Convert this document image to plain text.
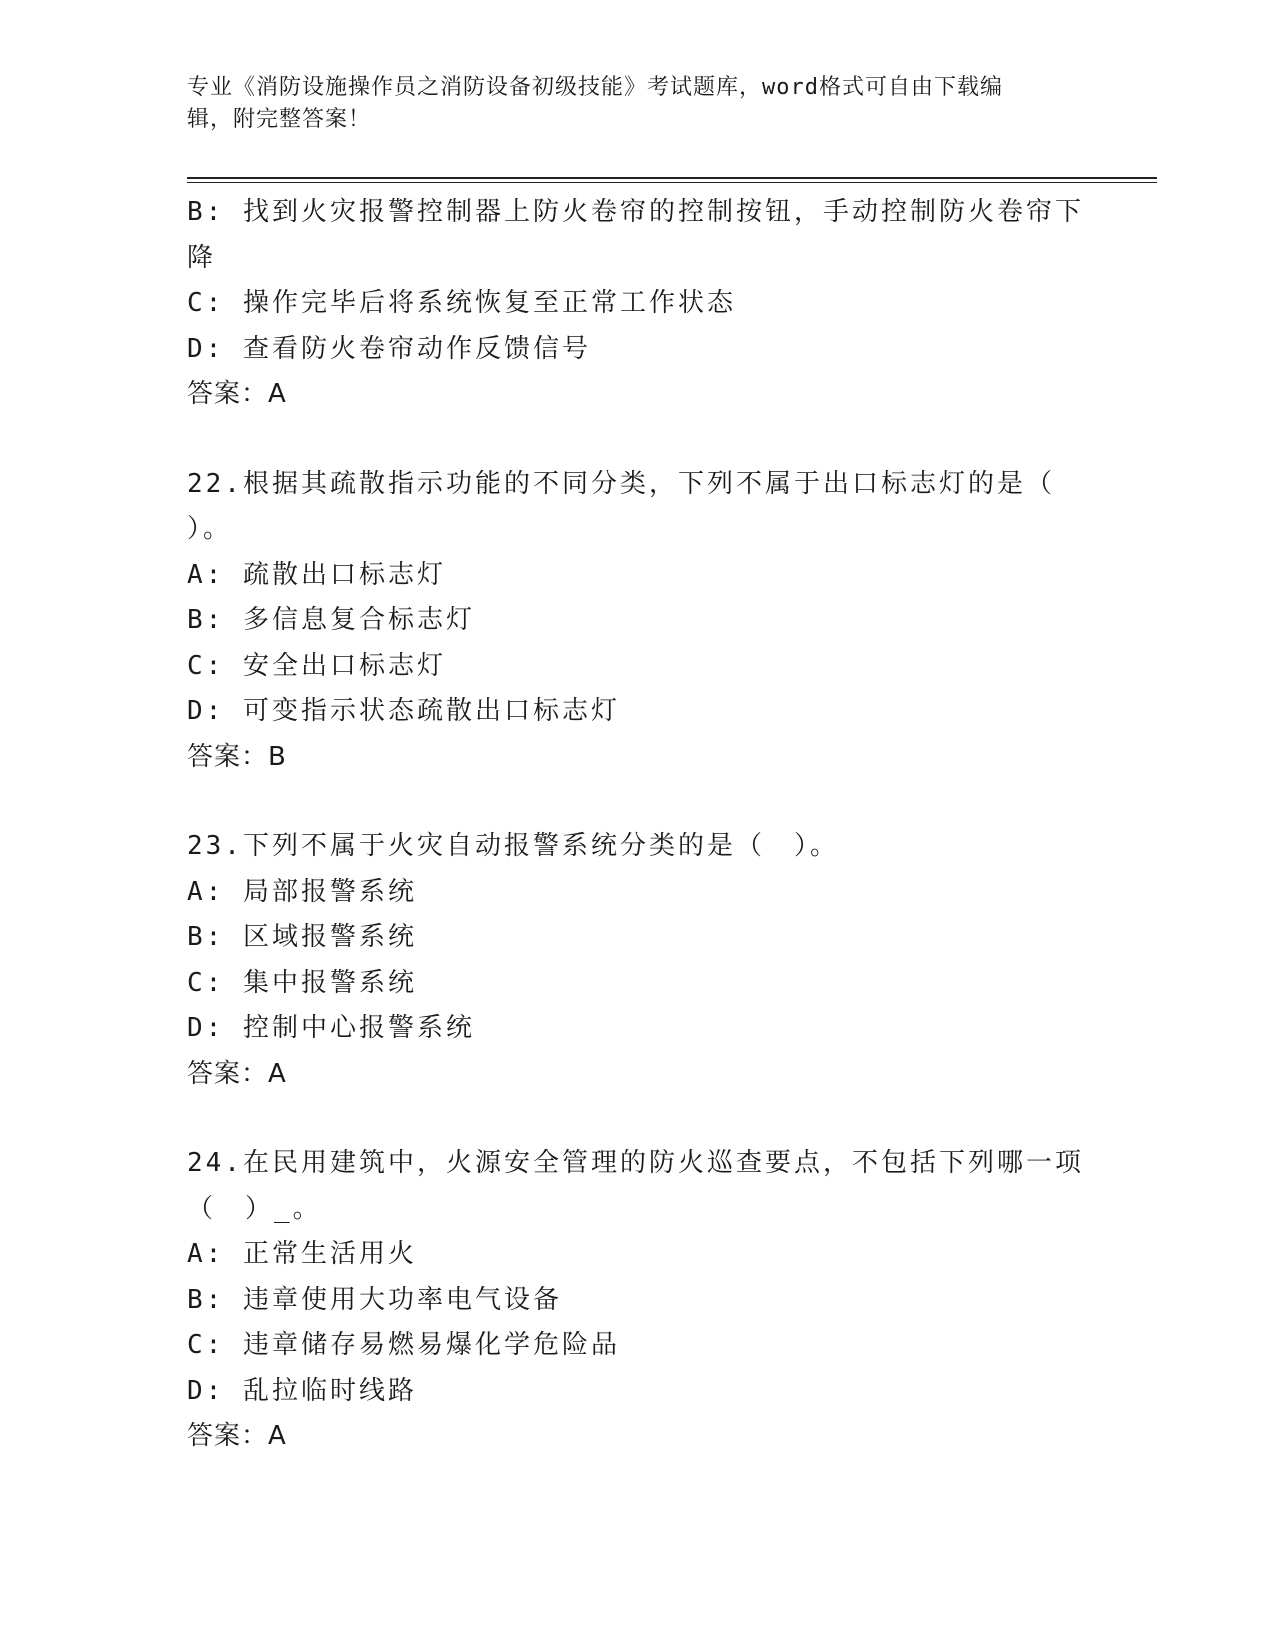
专业《消防设施操作员之消防设备初级技能》考试题库，word格式可自由下载编
辑，附完整答案！
B: 找到火灾报警控制器上防火卷帘的控制按钮，手动控制防火卷帘下
降
C: 操作完毕后将系统恢复至正常工作状态
D: 查看防火卷帘动作反馈信号
答案：A
22.根据其疏散指示功能的不同分类，下列不属于出口标志灯的是（
）。
A: 疏散出口标志灯
B: 多信息复合标志灯
C: 安全出口标志灯
D: 可变指示状态疏散出口标志灯
答案：B
23.下列不属于火灾自动报警系统分类的是（　）。
A: 局部报警系统
B: 区域报警系统
C: 集中报警系统
D: 控制中心报警系统
答案：A
24.在民用建筑中，火源安全管理的防火巡查要点，不包括下列哪一项
（　）_。
A: 正常生活用火
B: 违章使用大功率电气设备
C: 违章储存易燃易爆化学危险品
D: 乱拉临时线路
答案：A
